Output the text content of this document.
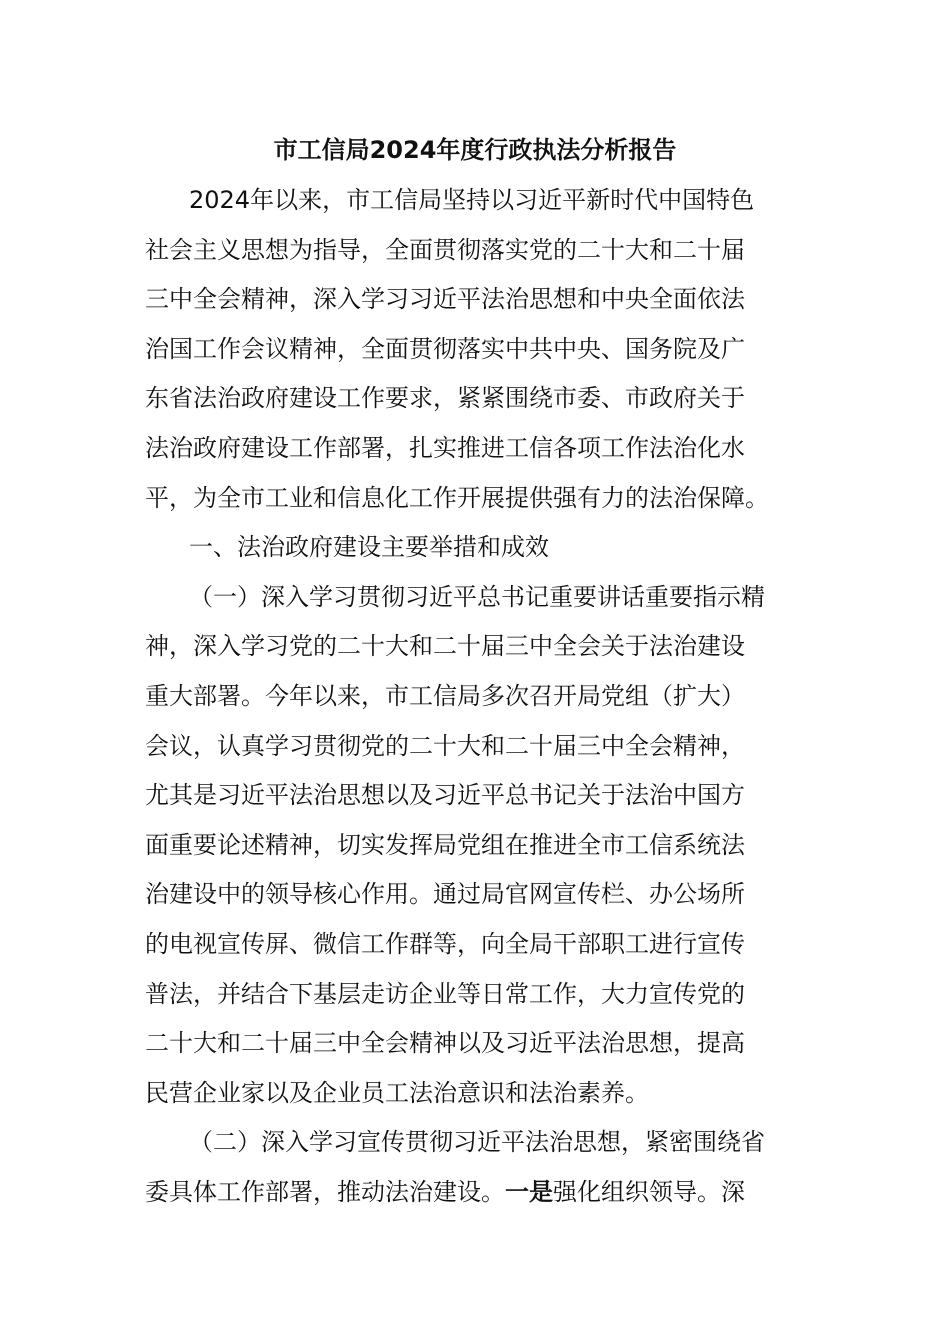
市工信局2024年度行政执法分析报告
2024年以来，市工信局坚持以习近平新时代中国特色
社会主义思想为指导，全面贯彻落实党的二十大和二十届
三中全会精神，深入学习习近平法治思想和中央全面依法
治国工作会议精神，全面贯彻落实中共中央、国务院及广
东省法治政府建设工作要求，紧紧围绕市委、市政府关于
法治政府建设工作部署，扎实推进工信各项工作法治化水
平，为全市工业和信息化工作开展提供强有力的法治保障。
一、法治政府建设主要举措和成效
（一）深入学习贯彻习近平总书记重要讲话重要指示精
神，深入学习党的二十大和二十届三中全会关于法治建设
重大部署。今年以来，市工信局多次召开局党组（扩大）
会议，认真学习贯彻党的二十大和二十届三中全会精神，
尤其是习近平法治思想以及习近平总书记关于法治中国方
面重要论述精神，切实发挥局党组在推进全市工信系统法
治建设中的领导核心作用。通过局官网宣传栏、办公场所
的电视宣传屏、微信工作群等，向全局干部职工进行宣传
普法，并结合下基层走访企业等日常工作，大力宣传党的
二十大和二十届三中全会精神以及习近平法治思想，提高
民营企业家以及企业员工法治意识和法治素养。
（二）深入学习宣传贯彻习近平法治思想，紧密围绕省
委具体工作部署，推动法治建设。一是强化组织领导。深
